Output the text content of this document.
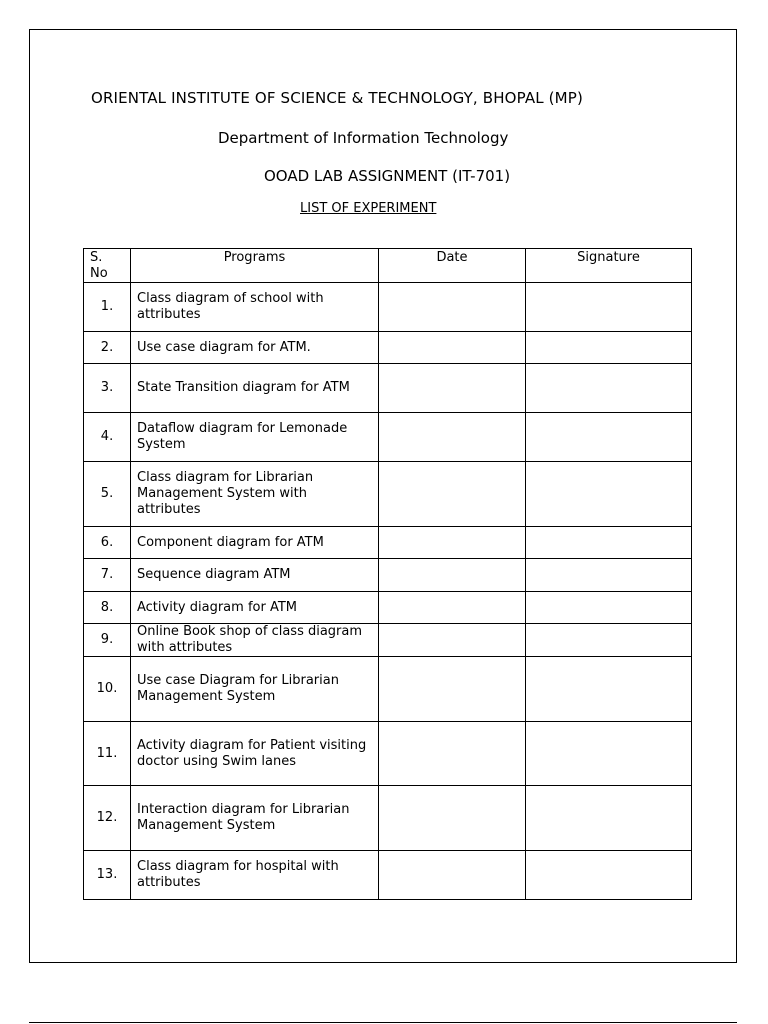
ORIENTAL INSTITUTE OF SCIENCE & TECHNOLOGY, BHOPAL (MP)
Department of Information Technology
OOAD LAB ASSIGNMENT (IT-701)
LIST OF EXPERIMENT
S.
No	Programs	Date	Signature
1.	Class diagram of school with attributes		
2.	Use case diagram for ATM.		
3.	State Transition diagram for ATM		
4.	Dataflow diagram for Lemonade System		
5.	Class diagram for Librarian Management System with attributes		
6.	Component diagram for ATM		
7.	Sequence diagram ATM		
8.	Activity diagram for ATM		
9.	Online Book shop of class diagram with attributes		
10.	Use case Diagram for Librarian Management System		
11.	Activity diagram for Patient visiting doctor using Swim lanes		
12.	Interaction diagram for Librarian Management System		
13.	Class diagram for hospital with attributes		
